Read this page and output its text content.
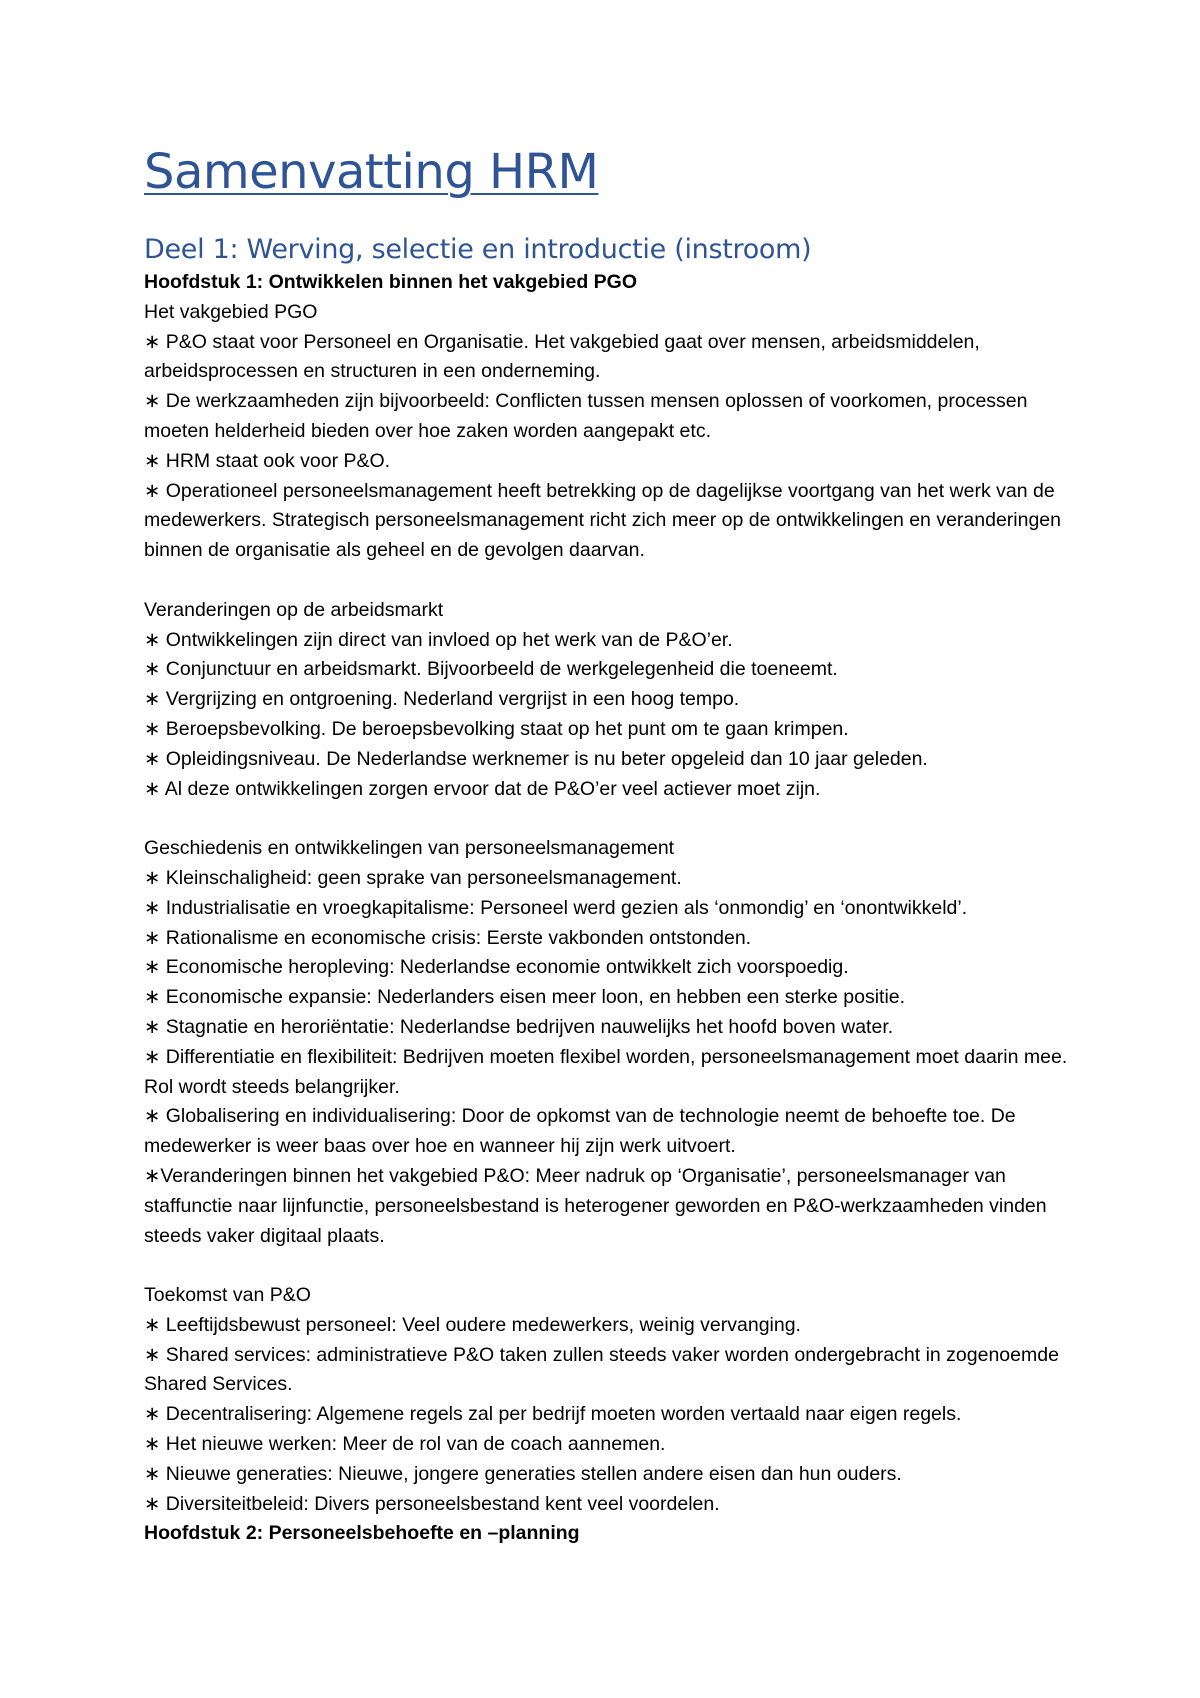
Samenvatting HRM
Deel 1: Werving, selectie en introductie (instroom)

Hoofdstuk 1: Ontwikkelen binnen het vakgebied PGO

Het vakgebied PGO

∗ P&O staat voor Personeel en Organisatie. Het vakgebied gaat over mensen, arbeidsmiddelen, arbeidsprocessen en structuren in een onderneming.
∗ De werkzaamheden zijn bijvoorbeeld: Conflicten tussen mensen oplossen of voorkomen, processen moeten helderheid bieden over hoe zaken worden aangepakt etc.
∗ HRM staat ook voor P&O.
∗ Operationeel personeelsmanagement heeft betrekking op de dagelijkse voortgang van het werk van de medewerkers. Strategisch personeelsmanagement richt zich meer op de ontwikkelingen en veranderingen binnen de organisatie als geheel en de gevolgen daarvan.

Veranderingen op de arbeidsmarkt

∗ Ontwikkelingen zijn direct van invloed op het werk van de P&O’er.
∗ Conjunctuur en arbeidsmarkt. Bijvoorbeeld de werkgelegenheid die toeneemt.
∗ Vergrijzing en ontgroening. Nederland vergrijst in een hoog tempo.
∗ Beroepsbevolking. De beroepsbevolking staat op het punt om te gaan krimpen.
∗ Opleidingsniveau. De Nederlandse werknemer is nu beter opgeleid dan 10 jaar geleden.
∗ Al deze ontwikkelingen zorgen ervoor dat de P&O’er veel actiever moet zijn.

Geschiedenis en ontwikkelingen van personeelsmanagement

∗ Kleinschaligheid: geen sprake van personeelsmanagement.
∗ Industrialisatie en vroegkapitalisme: Personeel werd gezien als ‘onmondig’ en ‘onontwikkeld’.
∗ Rationalisme en economische crisis: Eerste vakbonden ontstonden.
∗ Economische heropleving: Nederlandse economie ontwikkelt zich voorspoedig.
∗ Economische expansie: Nederlanders eisen meer loon, en hebben een sterke positie.
∗ Stagnatie en heroriëntatie: Nederlandse bedrijven nauwelijks het hoofd boven water.
∗ Differentiatie en flexibiliteit: Bedrijven moeten flexibel worden, personeelsmanagement moet daarin mee. Rol wordt steeds belangrijker.
∗ Globalisering en individualisering: Door de opkomst van de technologie neemt de behoefte toe. De medewerker is weer baas over hoe en wanneer hij zijn werk uitvoert.
∗Veranderingen binnen het vakgebied P&O: Meer nadruk op ‘Organisatie’, personeelsmanager van staffunctie naar lijnfunctie, personeelsbestand is heterogener geworden en P&O-werkzaamheden vinden steeds vaker digitaal plaats.

Toekomst van P&O

∗ Leeftijdsbewust personeel: Veel oudere medewerkers, weinig vervanging.
∗ Shared services: administratieve P&O taken zullen steeds vaker worden ondergebracht in zogenoemde Shared Services.
∗ Decentralisering: Algemene regels zal per bedrijf moeten worden vertaald naar eigen regels.
∗ Het nieuwe werken: Meer de rol van de coach aannemen.
∗ Nieuwe generaties: Nieuwe, jongere generaties stellen andere eisen dan hun ouders.
∗ Diversiteitbeleid: Divers personeelsbestand kent veel voordelen.

Hoofdstuk 2: Personeelsbehoefte en –planning
